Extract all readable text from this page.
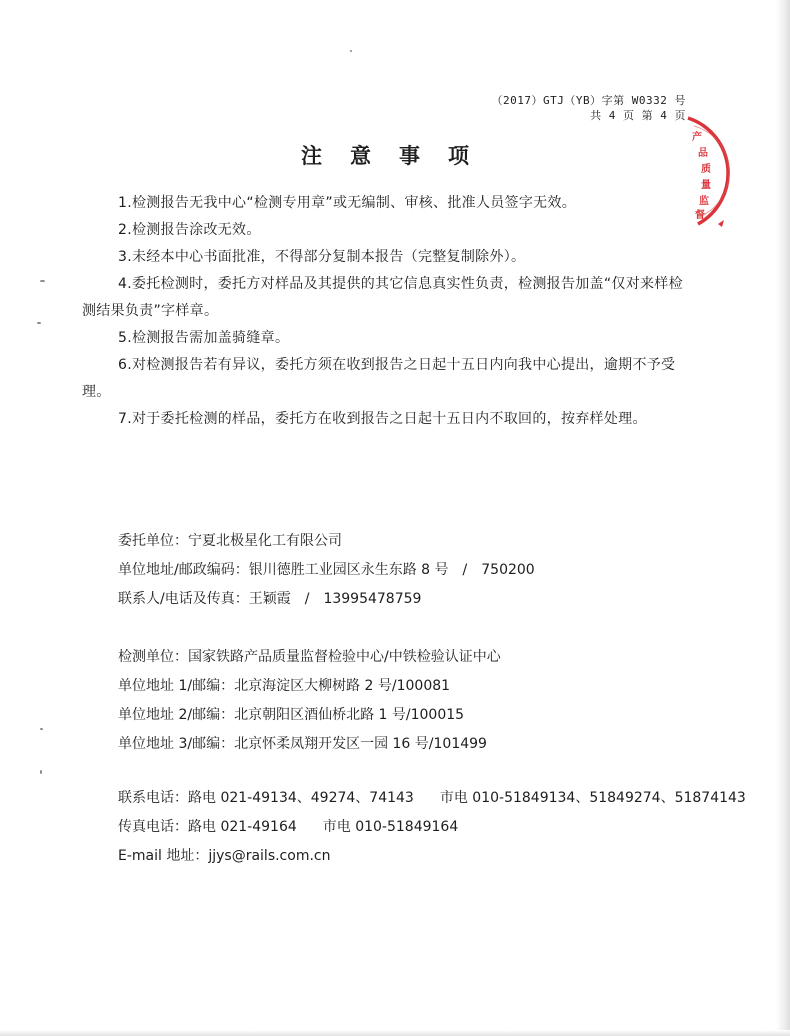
（2017）GTJ（YB）字第 W0332 号
共 4 页 第 4 页
产
品
质
量
监
督
注意事项

1.检测报告无我中心“检测专用章”或无编制、审核、批准人员签字无效。

2.检测报告涂改无效。

3.未经本中心书面批准，不得部分复制本报告（完整复制除外）。

4.委托检测时，委托方对样品及其提供的其它信息真实性负责，检测报告加盖“仅对来样检测结果负责”字样章。

5.检测报告需加盖骑缝章。

6.对检测报告若有异议，委托方须在收到报告之日起十五日内向我中心提出，逾期不予受理。

7.对于委托检测的样品，委托方在收到报告之日起十五日内不取回的，按弃样处理。

委托单位：宁夏北极星化工有限公司
单位地址/邮政编码：银川德胜工业园区永生东路 8 号 / 750200
联系人/电话及传真：王颖霞 / 13995478759
检测单位：国家铁路产品质量监督检验中心/中铁检验认证中心
单位地址 1/邮编：北京海淀区大柳树路 2 号/100081
单位地址 2/邮编：北京朝阳区酒仙桥北路 1 号/100015
单位地址 3/邮编：北京怀柔凤翔开发区一园 16 号/101499
联系电话：路电 021-49134、49274、74143 市电 010-51849134、51849274、51874143
传真电话：路电 021-49164 市电 010-51849164
E-mail 地址：jjys@rails.com.cn
